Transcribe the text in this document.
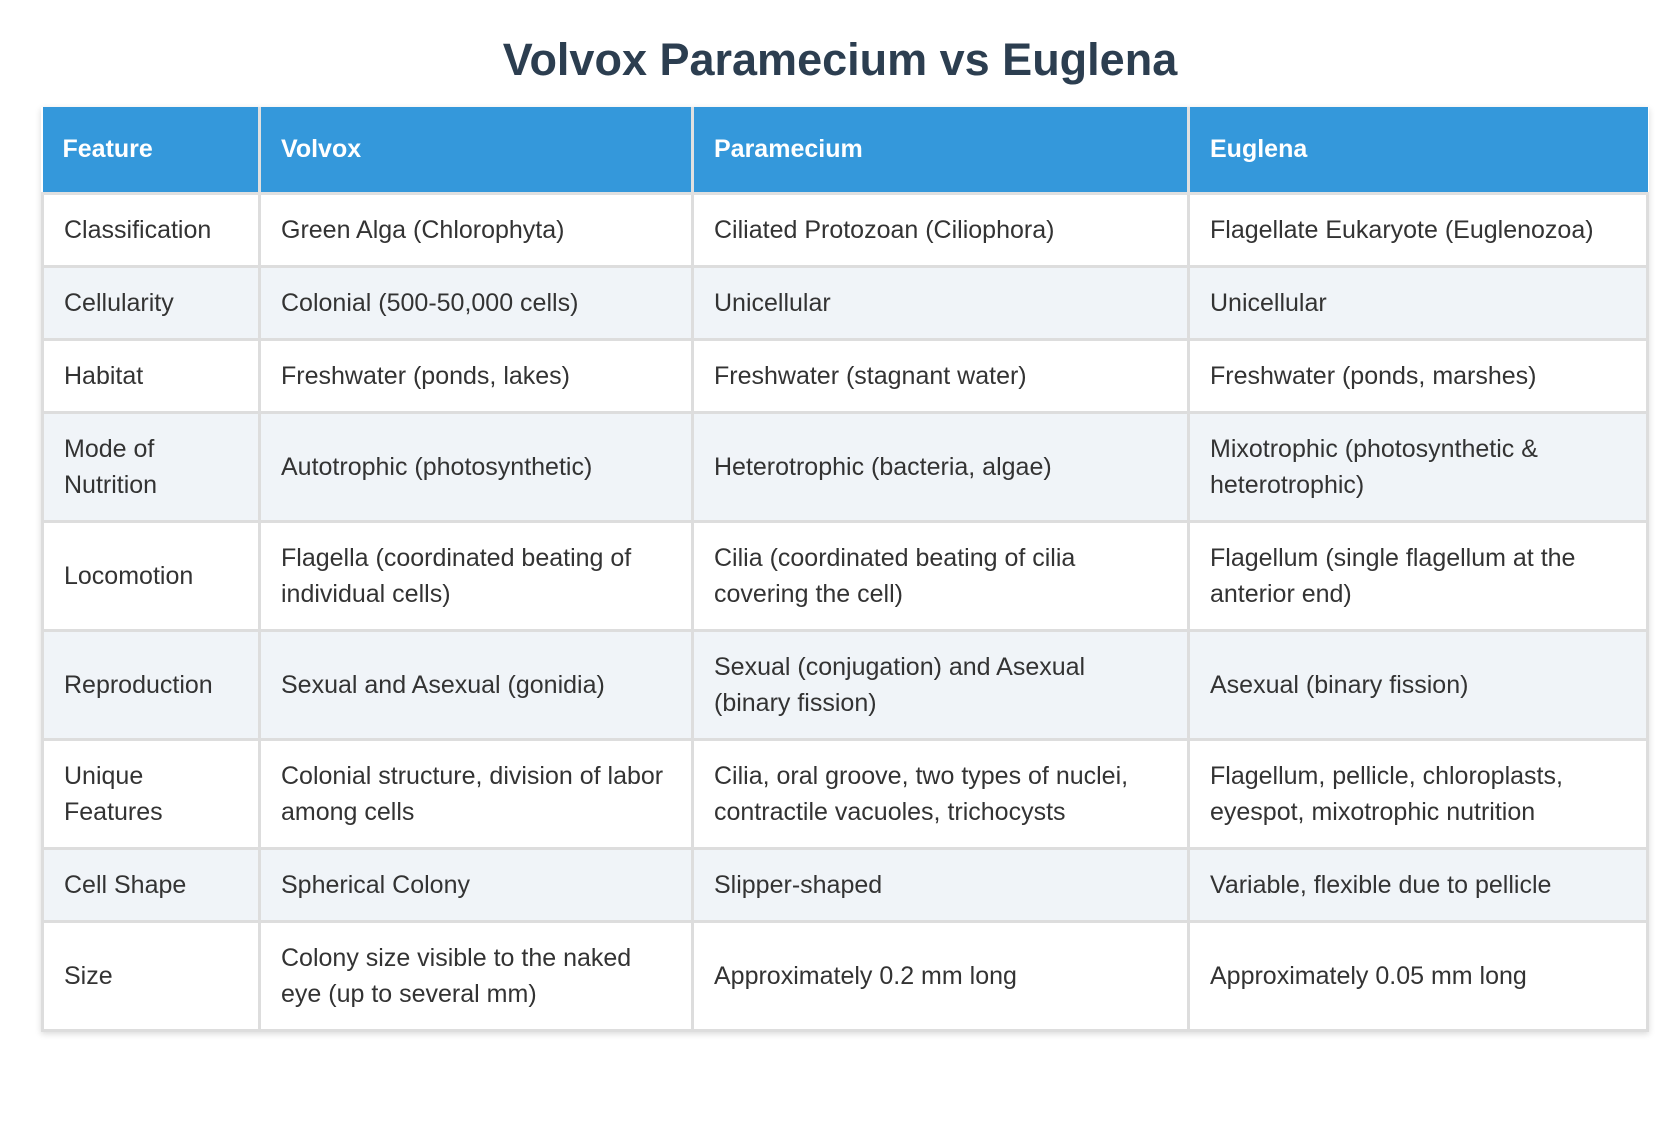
Volvox Paramecium vs Euglena
Feature	Volvox	Paramecium	Euglena
Classification	Green Alga (Chlorophyta)	Ciliated Protozoan (Ciliophora)	Flagellate Eukaryote (Euglenozoa)
Cellularity	Colonial (500-50,000 cells)	Unicellular	Unicellular
Habitat	Freshwater (ponds, lakes)	Freshwater (stagnant water)	Freshwater (ponds, marshes)
Mode of Nutrition	Autotrophic (photosynthetic)	Heterotrophic (bacteria, algae)	Mixotrophic (photosynthetic & heterotrophic)
Locomotion	Flagella (coordinated beating of individual cells)	Cilia (coordinated beating of cilia covering the cell)	Flagellum (single flagellum at the anterior end)
Reproduction	Sexual and Asexual (gonidia)	Sexual (conjugation) and Asexual (binary fission)	Asexual (binary fission)
Unique Features	Colonial structure, division of labor among cells	Cilia, oral groove, two types of nuclei, contractile vacuoles, trichocysts	Flagellum, pellicle, chloroplasts, eyespot, mixotrophic nutrition
Cell Shape	Spherical Colony	Slipper-shaped	Variable, flexible due to pellicle
Size	Colony size visible to the naked eye (up to several mm)	Approximately 0.2 mm long	Approximately 0.05 mm long
